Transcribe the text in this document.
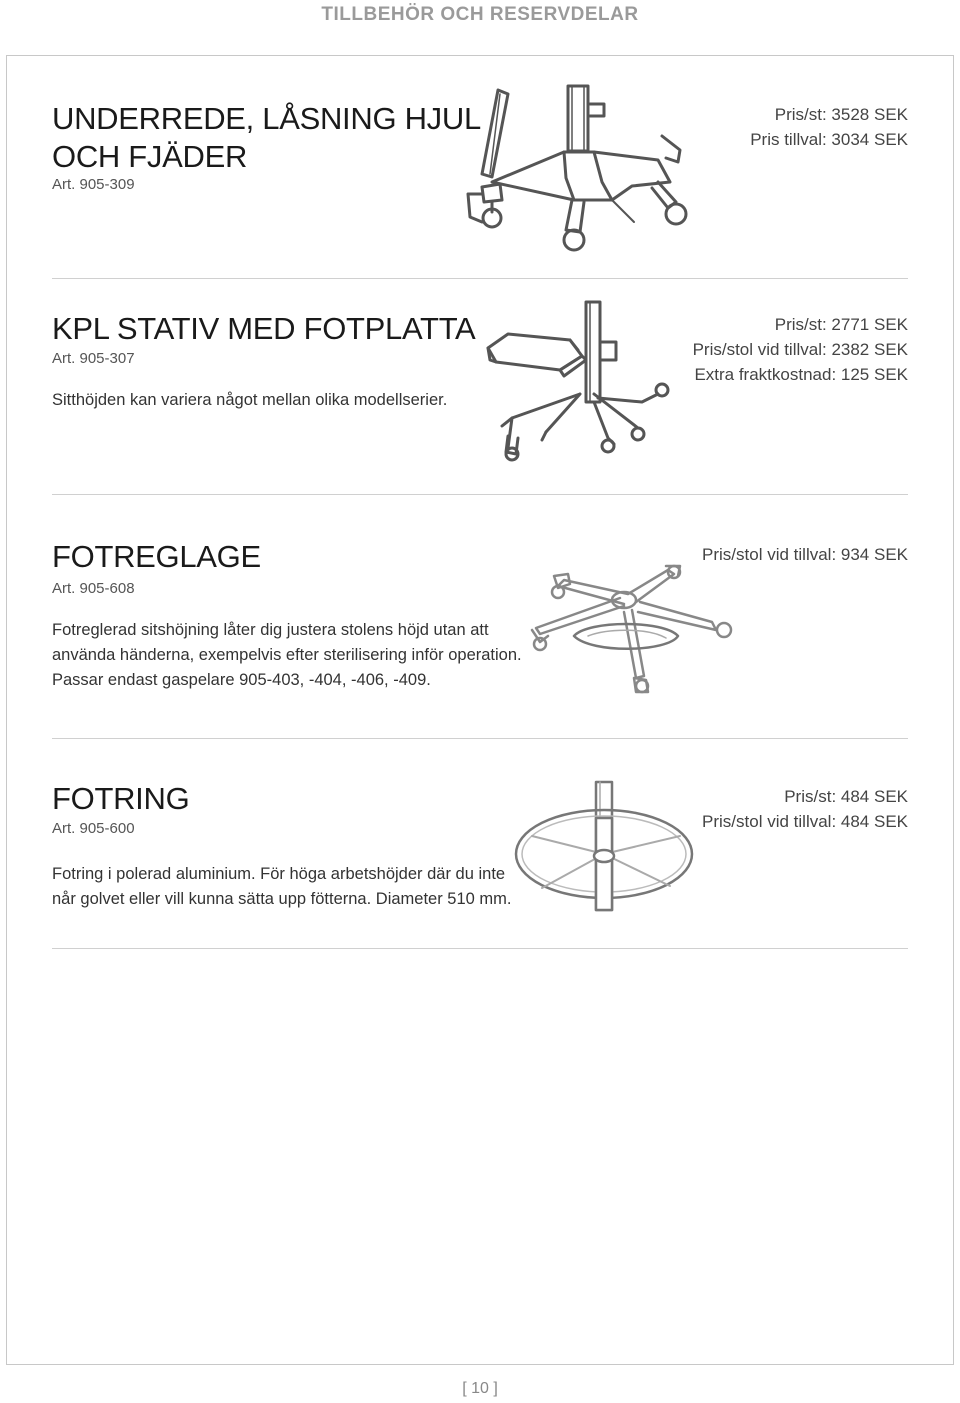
TILLBEHÖR OCH RESERVDELAR
UNDERREDE, LÅSNING HJUL
OCH FJÄDER
Art. 905-309
Pris/st: 3528 SEK
Pris tillval: 3034 SEK
KPL STATIV MED FOTPLATTA
Art. 905-307
Sitthöjden kan variera något mellan olika modellserier.
Pris/st: 2771 SEK
Pris/stol vid tillval: 2382 SEK
Extra fraktkostnad: 125 SEK
FOTREGLAGE
Art. 905-608
Fotreglerad sitshöjning låter dig justera stolens höjd utan att
använda händerna, exempelvis efter sterilisering inför operation.
Passar endast gaspelare 905-403, -404, -406, -409.
Pris/stol vid tillval: 934 SEK
FOTRING
Art. 905-600
Fotring i polerad aluminium. För höga arbetshöjder där du inte
når golvet eller vill kunna sätta upp fötterna. Diameter 510 mm.
Pris/st: 484 SEK
Pris/stol vid tillval: 484 SEK
[ 10 ]
